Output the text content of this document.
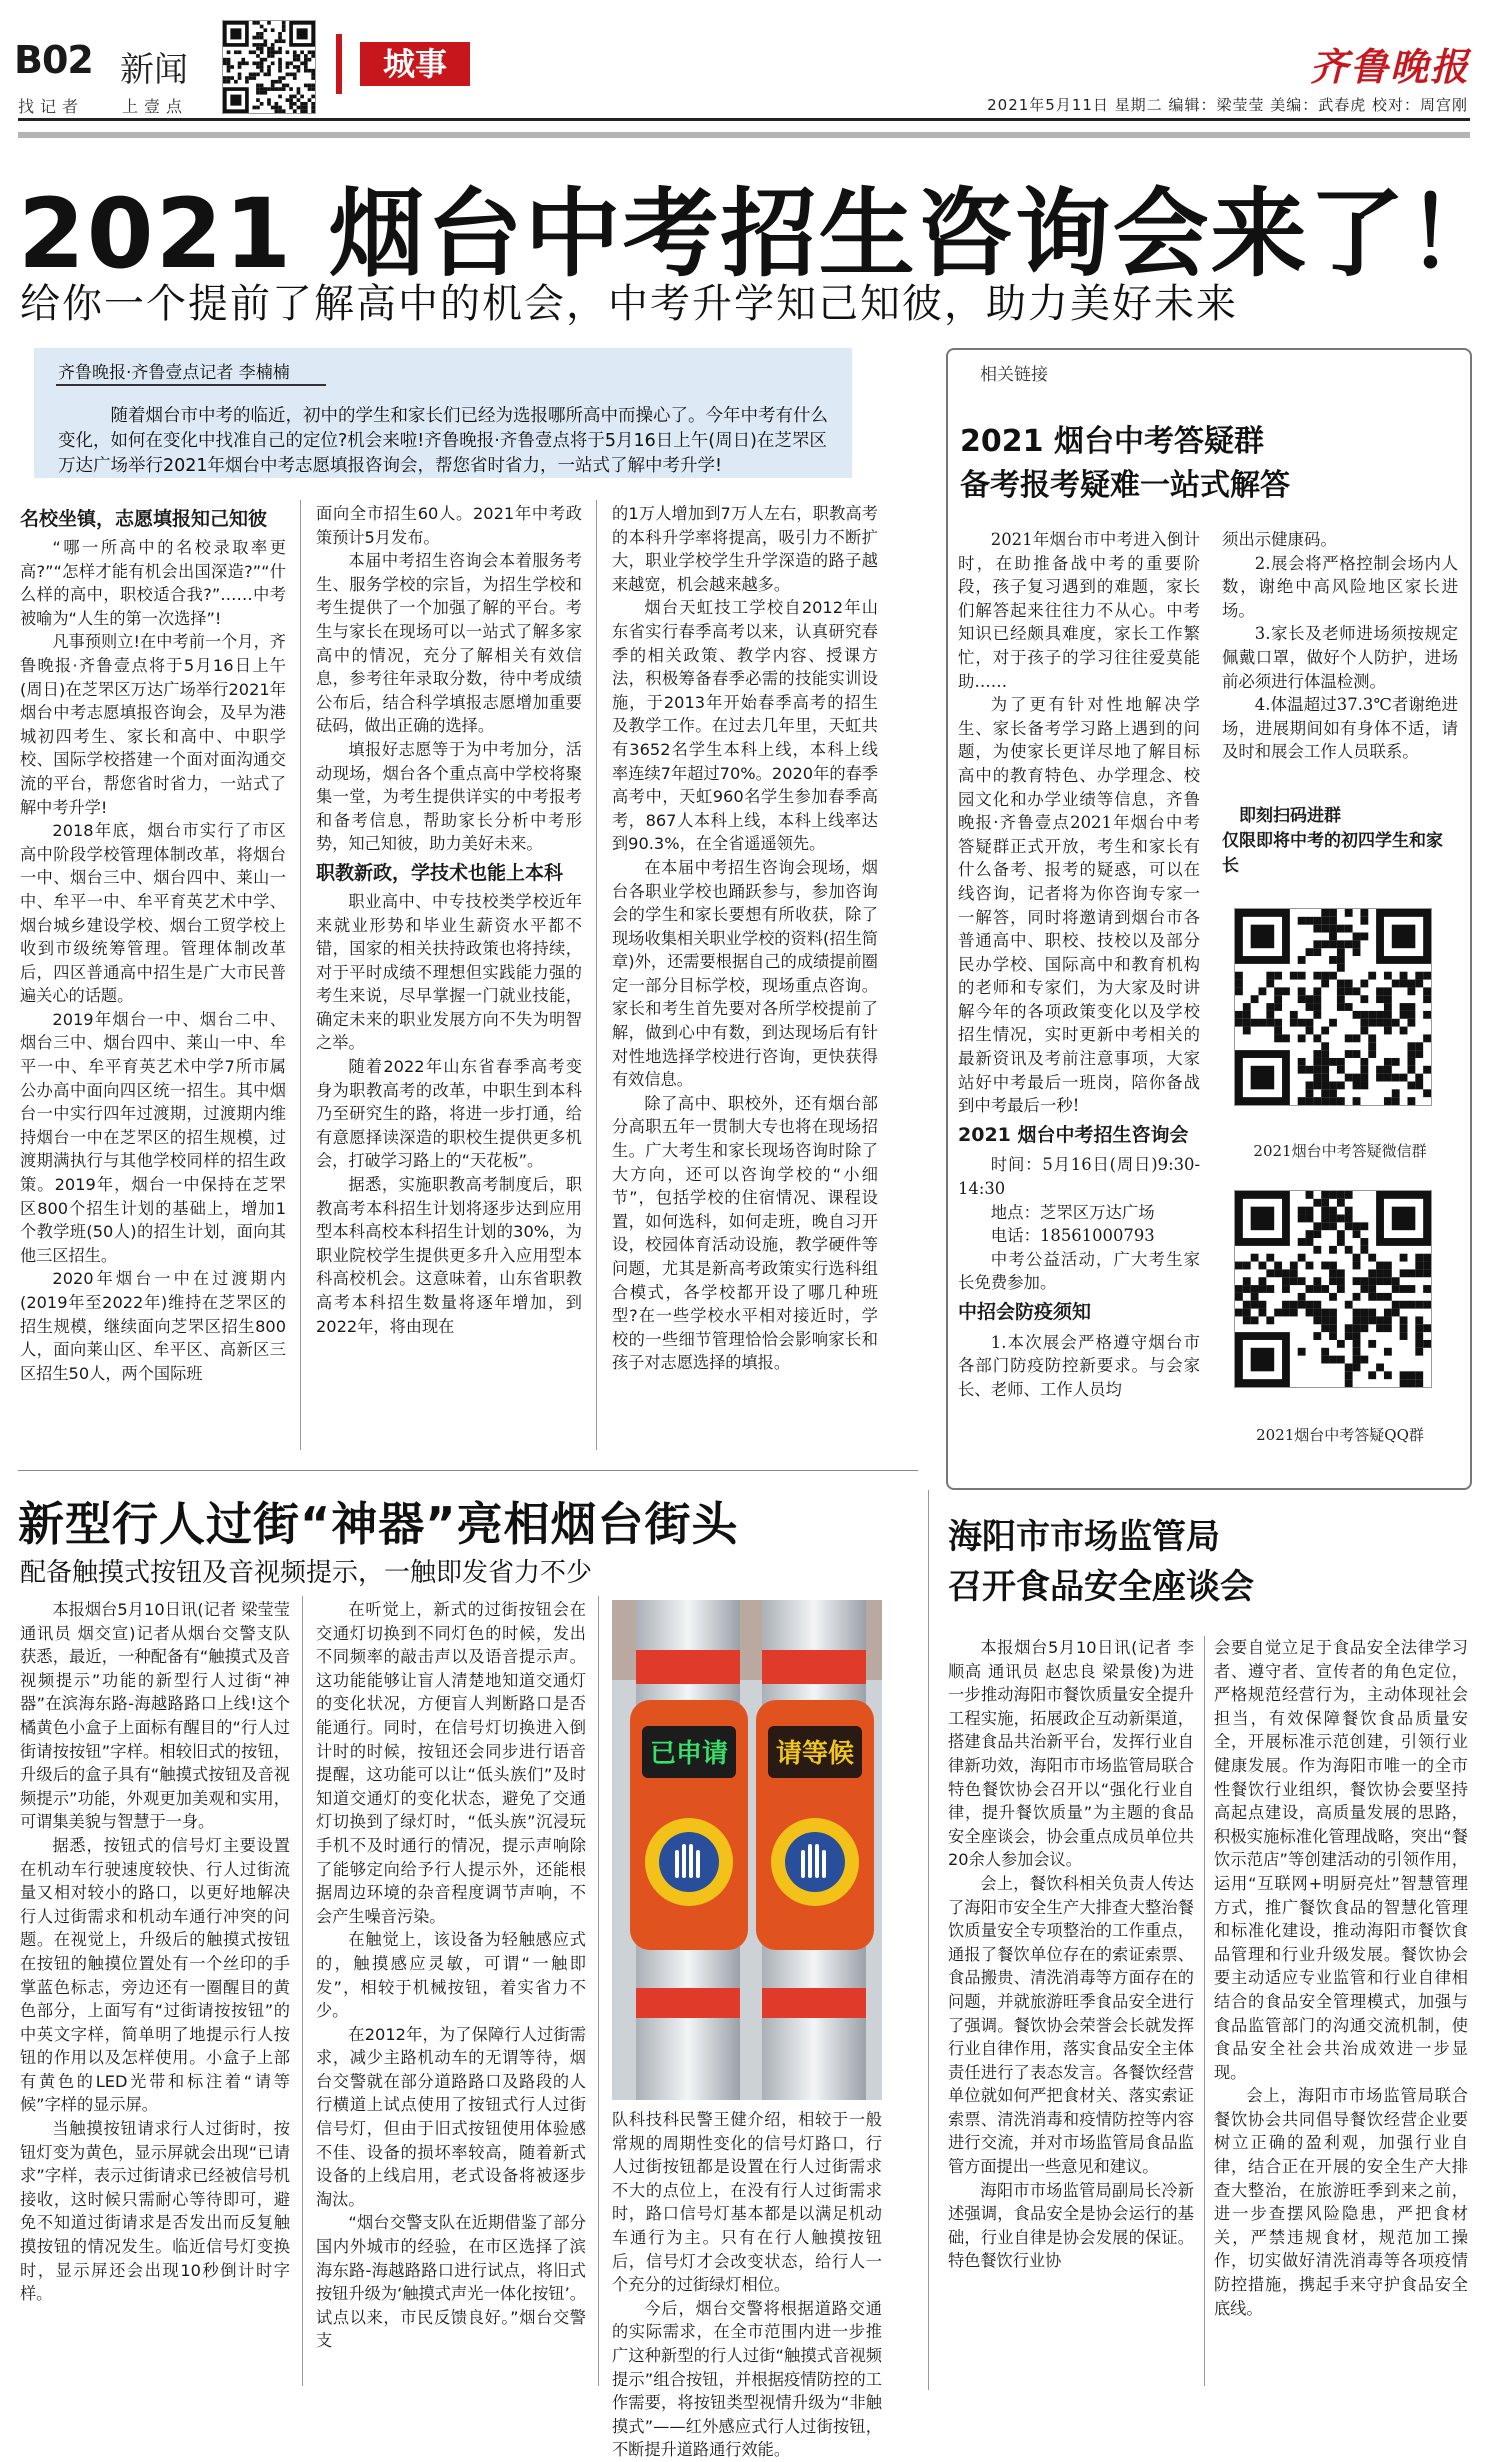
B02 新闻
找记者 上壹点
城事	齐鲁晚报
2021年5月11日 星期二 编辑：梁莹莹 美编：武春虎 校对：周宫刚
2021 烟台中考招生咨询会来了！
给你一个提前了解高中的机会，中考升学知己知彼，助力美好未来
齐鲁晚报·齐鲁壹点记者 李楠楠
随着烟台市中考的临近，初中的学生和家长们已经为选报哪所高中而操心了。今年中考有什么变化，如何在变化中找准自己的定位?机会来啦!齐鲁晚报·齐鲁壹点将于5月16日上午(周日)在芝罘区万达广场举行2021年烟台中考志愿填报咨询会，帮您省时省力，一站式了解中考升学!
名校坐镇，志愿填报知己知彼

“哪一所高中的名校录取率更高?”“怎样才能有机会出国深造?”“什么样的高中，职校适合我?”……中考被喻为“人生的第一次选择”!

凡事预则立!在中考前一个月，齐鲁晚报·齐鲁壹点将于5月16日上午(周日)在芝罘区万达广场举行2021年烟台中考志愿填报咨询会，及早为港城初四考生、家长和高中、中职学校、国际学校搭建一个面对面沟通交流的平台，帮您省时省力，一站式了解中考升学!

2018年底，烟台市实行了市区高中阶段学校管理体制改革，将烟台一中、烟台三中、烟台四中、莱山一中、牟平一中、牟平育英艺术中学、烟台城乡建设学校、烟台工贸学校上收到市级统筹管理。管理体制改革后，四区普通高中招生是广大市民普遍关心的话题。

2019年烟台一中、烟台二中、烟台三中、烟台四中、莱山一中、牟平一中、牟平育英艺术中学7所市属公办高中面向四区统一招生。其中烟台一中实行四年过渡期，过渡期内维持烟台一中在芝罘区的招生规模，过渡期满执行与其他学校同样的招生政策。2019年，烟台一中保持在芝罘区800个招生计划的基础上，增加1个教学班(50人)的招生计划，面向其他三区招生。

2020年烟台一中在过渡期内(2019年至2022年)维持在芝罘区的招生规模，继续面向芝罘区招生800人，面向莱山区、牟平区、高新区三区招生50人，两个国际班

面向全市招生60人。2021年中考政策预计5月发布。

本届中考招生咨询会本着服务考生、服务学校的宗旨，为招生学校和考生提供了一个加强了解的平台。考生与家长在现场可以一站式了解多家高中的情况，充分了解相关有效信息，参考往年录取分数，待中考成绩公布后，结合科学填报志愿增加重要砝码，做出正确的选择。

填报好志愿等于为中考加分，活动现场，烟台各个重点高中学校将聚集一堂，为考生提供详实的中考报考和备考信息，帮助家长分析中考形势，知己知彼，助力美好未来。

职教新政，学技术也能上本科

职业高中、中专技校类学校近年来就业形势和毕业生薪资水平都不错，国家的相关扶持政策也将持续，对于平时成绩不理想但实践能力强的考生来说，尽早掌握一门就业技能，确定未来的职业发展方向不失为明智之举。

随着2022年山东省春季高考变身为职教高考的改革，中职生到本科乃至研究生的路，将进一步打通，给有意愿择读深造的职校生提供更多机会，打破学习路上的“天花板”。

据悉，实施职教高考制度后，职教高考本科招生计划将逐步达到应用型本科高校本科招生计划的30%，为职业院校学生提供更多升入应用型本科高校机会。这意味着，山东省职教高考本科招生数量将逐年增加，到2022年，将由现在

的1万人增加到7万人左右，职教高考的本科升学率将提高，吸引力不断扩大，职业学校学生升学深造的路子越来越宽，机会越来越多。

烟台天虹技工学校自2012年山东省实行春季高考以来，认真研究春季的相关政策、教学内容、授课方法，积极筹备春季必需的技能实训设施，于2013年开始春季高考的招生及教学工作。在过去几年里，天虹共有3652名学生本科上线，本科上线率连续7年超过70%。2020年的春季高考中，天虹960名学生参加春季高考，867人本科上线，本科上线率达到90.3%，在全省遥遥领先。

在本届中考招生咨询会现场，烟台各职业学校也踊跃参与，参加咨询会的学生和家长要想有所收获，除了现场收集相关职业学校的资料(招生简章)外，还需要根据自己的成绩提前圈定一部分目标学校，现场重点咨询。家长和考生首先要对各所学校提前了解，做到心中有数，到达现场后有针对性地选择学校进行咨询，更快获得有效信息。

除了高中、职校外，还有烟台部分高职五年一贯制大专也将在现场招生。广大考生和家长现场咨询时除了大方向，还可以咨询学校的“小细节”，包括学校的住宿情况、课程设置，如何选科，如何走班，晚自习开设，校园体育活动设施，教学硬件等问题，尤其是新高考政策实行选科组合模式，各学校都开设了哪几种班型?在一些学校水平相对接近时，学校的一些细节管理恰恰会影响家长和孩子对志愿选择的填报。

相关链接
2021 烟台中考答疑群
备考报考疑难一站式解答

2021年烟台市中考进入倒计时，在助推备战中考的重要阶段，孩子复习遇到的难题，家长们解答起来往往力不从心。中考知识已经颇具难度，家长工作繁忙，对于孩子的学习往往爱莫能助……

为了更有针对性地解决学生、家长备考学习路上遇到的问题，为使家长更详尽地了解目标高中的教育特色、办学理念、校园文化和办学业绩等信息，齐鲁晚报·齐鲁壹点2021年烟台中考答疑群正式开放，考生和家长有什么备考、报考的疑惑，可以在线咨询，记者将为你咨询专家一一解答，同时将邀请到烟台市各普通高中、职校、技校以及部分民办学校、国际高中和教育机构的老师和专家们，为大家及时讲解今年的各项政策变化以及学校招生情况，实时更新中考相关的最新资讯及考前注意事项，大家站好中考最后一班岗，陪你备战到中考最后一秒!

2021 烟台中考招生咨询会

时间：5月16日(周日)9:30-14:30

地点：芝罘区万达广场

电话：18561000793

中考公益活动，广大考生家长免费参加。

中招会防疫须知

1.本次展会严格遵守烟台市各部门防疫防控新要求。与会家长、老师、工作人员均

须出示健康码。

2.展会将严格控制会场内人数，谢绝中高风险地区家长进场。

3.家长及老师进场须按规定佩戴口罩，做好个人防护，进场前必须进行体温检测。

4.体温超过37.3℃者谢绝进场，进展期间如有身体不适，请及时和展会工作人员联系。

即刻扫码进群
仅限即将中考的初四学生和家长
2021烟台中考答疑微信群
2021烟台中考答疑QQ群
新型行人过街“神器”亮相烟台街头
配备触摸式按钮及音视频提示，一触即发省力不少

本报烟台5月10日讯(记者 梁莹莹 通讯员 烟交宣)记者从烟台交警支队获悉，最近，一种配备有“触摸式及音视频提示”功能的新型行人过街“神器”在滨海东路-海越路路口上线!这个橘黄色小盒子上面标有醒目的“行人过街请按按钮”字样。相较旧式的按钮，升级后的盒子具有“触摸式按钮及音视频提示”功能，外观更加美观和实用，可谓集美貌与智慧于一身。

据悉，按钮式的信号灯主要设置在机动车行驶速度较快、行人过街流量又相对较小的路口，以更好地解决行人过街需求和机动车通行冲突的问题。在视觉上，升级后的触摸式按钮在按钮的触摸位置处有一个丝印的手掌蓝色标志，旁边还有一圈醒目的黄色部分，上面写有“过街请按按钮”的中英文字样，简单明了地提示行人按钮的作用以及怎样使用。小盒子上部有黄色的LED光带和标注着“请等候”字样的显示屏。

当触摸按钮请求行人过街时，按钮灯变为黄色，显示屏就会出现“已请求”字样，表示过街请求已经被信号机接收，这时候只需耐心等待即可，避免不知道过街请求是否发出而反复触摸按钮的情况发生。临近信号灯变换时，显示屏还会出现10秒倒计时字样。

在听觉上，新式的过街按钮会在交通灯切换到不同灯色的时候，发出不同频率的敲击声以及语音提示声。这功能能够让盲人清楚地知道交通灯的变化状况，方便盲人判断路口是否能通行。同时，在信号灯切换进入倒计时的时候，按钮还会同步进行语音提醒，这功能可以让“低头族们”及时知道交通灯的变化状态，避免了交通灯切换到了绿灯时，“低头族”沉浸玩手机不及时通行的情况，提示声响除了能够定向给予行人提示外，还能根据周边环境的杂音程度调节声响，不会产生噪音污染。

在触觉上，该设备为轻触感应式的，触摸感应灵敏，可谓“一触即发”，相较于机械按钮，着实省力不少。

在2012年，为了保障行人过街需求，减少主路机动车的无谓等待，烟台交警就在部分道路路口及路段的人行横道上试点使用了按钮式行人过街信号灯，但由于旧式按钮使用体验感不佳、设备的损坏率较高，随着新式设备的上线启用，老式设备将被逐步淘汰。

“烟台交警支队在近期借鉴了部分国内外城市的经验，在市区选择了滨海东路-海越路路口进行试点，将旧式按钮升级为‘触摸式声光一体化按钮’。试点以来，市民反馈良好。”烟台交警支

已申请 请等候

队科技科民警王健介绍，相较于一般常规的周期性变化的信号灯路口，行人过街按钮都是设置在行人过街需求不大的点位上，在没有行人过街需求时，路口信号灯基本都是以满足机动车通行为主。只有在行人触摸按钮后，信号灯才会改变状态，给行人一个充分的过街绿灯相位。

今后，烟台交警将根据道路交通的实际需求，在全市范围内进一步推广这种新型的行人过街“触摸式音视频提示”组合按钮，并根据疫情防控的工作需要，将按钮类型视情升级为“非触摸式”——红外感应式行人过街按钮，不断提升道路通行效能。

海阳市市场监管局
召开食品安全座谈会

本报烟台5月10日讯(记者 李顺高 通讯员 赵忠良 梁景俊)为进一步推动海阳市餐饮质量安全提升工程实施，拓展政企互动新渠道，搭建食品共治新平台，发挥行业自律新功效，海阳市市场监管局联合特色餐饮协会召开以“强化行业自律，提升餐饮质量”为主题的食品安全座谈会，协会重点成员单位共20余人参加会议。

会上，餐饮科相关负责人传达了海阳市安全生产大排查大整治餐饮质量安全专项整治的工作重点，通报了餐饮单位存在的索证索票、食品搬贵、清洗消毒等方面存在的问题，并就旅游旺季食品安全进行了强调。餐饮协会荣誉会长就发挥行业自律作用，落实食品安全主体责任进行了表态发言。各餐饮经营单位就如何严把食材关、落实索证索票、清洗消毒和疫情防控等内容进行交流，并对市场监管局食品监管方面提出一些意见和建议。

海阳市市场监管局副局长冷新述强调，食品安全是协会运行的基础，行业自律是协会发展的保证。特色餐饮行业协

会要自觉立足于食品安全法律学习者、遵守者、宣传者的角色定位，严格规范经营行为，主动体现社会担当，有效保障餐饮食品质量安全，开展标准示范创建，引领行业健康发展。作为海阳市唯一的全市性餐饮行业组织，餐饮协会要坚持高起点建设，高质量发展的思路，积极实施标准化管理战略，突出“餐饮示范店”等创建活动的引领作用，运用“互联网+明厨亮灶”智慧管理方式，推广餐饮食品的智慧化管理和标准化建设，推动海阳市餐饮食品管理和行业升级发展。餐饮协会要主动适应专业监管和行业自律相结合的食品安全管理模式，加强与食品监管部门的沟通交流机制，使食品安全社会共治成效进一步显现。

会上，海阳市市场监管局联合餐饮协会共同倡导餐饮经营企业要树立正确的盈利观，加强行业自律，结合正在开展的安全生产大排查大整治，在旅游旺季到来之前，进一步查摆风险隐患，严把食材关，严禁违规食材，规范加工操作，切实做好清洗消毒等各项疫情防控措施，携起手来守护食品安全底线。
